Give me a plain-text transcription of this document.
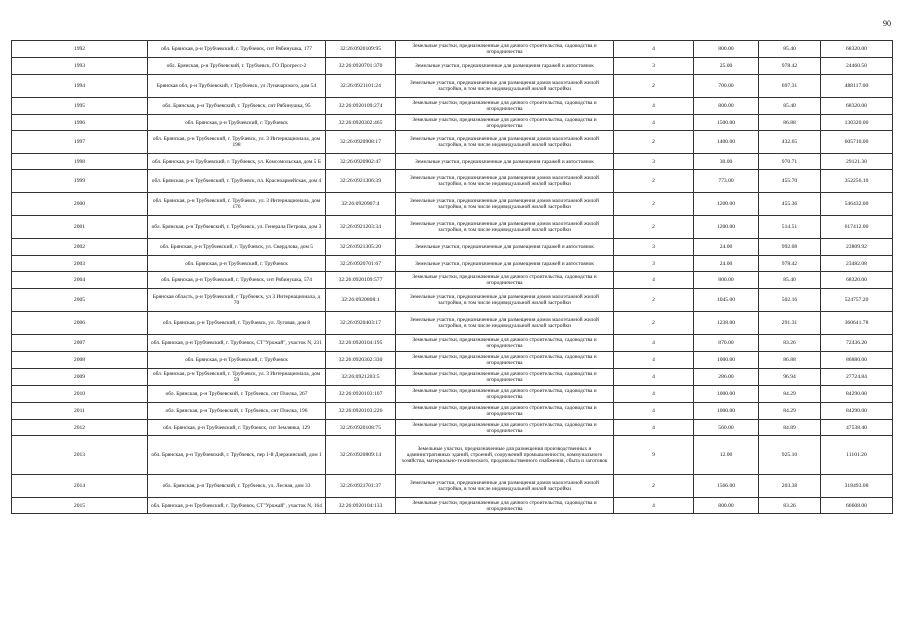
90
1992	обл. Брянская, р-н Трубчевский, г. Трубчевск, снт Рябинушка, 177	32:26:0920109:95	Земельные участки, предназначенные для дачного строительства, садоводства и огородничества	4	800.00	85.40	68320.00
1993	обл. Брянская, р-н Трубчевский, г. Трубчевск, ГО Прогресс-2	32:26:0920701:370	Земельные участки, предназначенные для размещения гаражей и автостоянок	3	25.00	978.42	24460.50
1994	Брянская обл, р-н Трубчевский, г Трубчевск, ул Луначарского, дом 54	32:26:0921101:24	Земельные участки, предназначенные для размещения домов малоэтажной жилой застройки, в том числе индивидуальной жилой застройки	2	700.00	697.31	488117.00
1995	обл. Брянская, р-н Трубчевский, г. Трубчевск, снт Рябинушка, 95	32:26:0920109:274	Земельные участки, предназначенные для дачного строительства, садоводства и огородничества	4	800.00	85.40	68320.00
1996	обл. Брянская, р-н Трубчевский, г. Трубчевск	32:26:0920302:465	Земельные участки, предназначенные для дачного строительства, садоводства и огородничества	4	1500.00	86.88	130320.00
1997	обл. Брянская, р-н Трубчевский, г. Трубчевск, ул. 3 Интернационала, дом 198	32:26:0920908:17	Земельные участки, предназначенные для размещения домов малоэтажной жилой застройки, в том числе индивидуальной жилой застройки	2	1400.00	432.65	605710.00
1998	обл. Брянская, р-н Трубчевский, г. Трубчевск, ул. Комсомольская, дом 5 Б	32:26:0920902:47	Земельные участки, предназначенные для размещения гаражей и автостоянок	3	30.00	970.71	29121.30
1999	обл. Брянская, р-н Трубчевский, г. Трубчевск, пл. Красноармейская, дом 4	32:26:0921306:39	Земельные участки, предназначенные для размещения домов малоэтажной жилой застройки, в том числе индивидуальной жилой застройки	2	773.00	455.70	352256.10
2000	обл. Брянская, р-н Трубчевский, г. Трубчевск, ул. 3 Интернационала, дом 176	32:26:0920907:4	Земельные участки, предназначенные для размещения домов малоэтажной жилой застройки, в том числе индивидуальной жилой застройки	2	1200.00	455.36	546432.00
2001	обл. Брянская, р-н Трубчевский, г. Трубчевск, ул. Генерала Петрова, дом 3	32:26:0921203:34	Земельные участки, предназначенные для размещения домов малоэтажной жилой застройки, в том числе индивидуальной жилой застройки	2	1200.00	514.51	617412.00
2002	обл. Брянская, р-н Трубчевский, г. Трубчевск, ул. Свердлова, дом 5	32:26:0921305:20	Земельные участки, предназначенные для размещения гаражей и автостоянок	3	24.00	992.08	23809.92
2003	обл. Брянская, р-н Трубчевский, г. Трубчевск	32:26:0920701:67	Земельные участки, предназначенные для размещения гаражей и автостоянок	3	24.00	978.42	23482.08
2004	обл. Брянская, р-н Трубчевский, г. Трубчевск, снт Рябинушка, 574	32:26:0920109:577	Земельные участки, предназначенные для дачного строительства, садоводства и огородничества	4	800.00	85.40	68320.00
2005	Брянская область, р-н Трубчевский, г Трубчевск, ул 3 Интернационала, д 70	32:26:0920808:1	Земельные участки, предназначенные для размещения домов малоэтажной жилой застройки, в том числе индивидуальной жилой застройки	2	1045.00	502.16	524757.20
2006	обл. Брянская, р-н Трубчевский, г. Трубчевск, ул. Луговая, дом 8	32:26:0920403:17	Земельные участки, предназначенные для размещения домов малоэтажной жилой застройки, в том числе индивидуальной жилой застройки	2	1238.00	291.31	360641.78
2007	обл. Брянская, р-н Трубчевский, г. Трубчевск, СТ"Урожай", участок N, 231	32:26:0920104:195	Земельные участки, предназначенные для дачного строительства, садоводства и огородничества	4	870.00	83.26	72436.20
2008	обл. Брянская, р-н Трубчевский, г. Трубчевск	32:26:0920302:330	Земельные участки, предназначенные для дачного строительства, садоводства и огородничества	4	1000.00	86.88	86880.00
2009	обл. Брянская, р-н Трубчевский, г. Трубчевск, ул. 3 Интернационала, дом 59	32:26:0921203:5	Земельные участки, предназначенные для дачного строительства, садоводства и огородничества	4	286.00	96.94	27724.84
2010	обл. Брянская, р-н Трубчевский, г. Трубчевск, снт Пчелка, 267	32:26:0920103:107	Земельные участки, предназначенные для дачного строительства, садоводства и огородничества	4	1000.00	84.29	84290.00
2011	обл. Брянская, р-н Трубчевский, г. Трубчевск, снт Пчелка, 196	32:26:0920103:226	Земельные участки, предназначенные для дачного строительства, садоводства и огородничества	4	1000.00	84.29	84290.00
2012	обл. Брянская, р-н Трубчевский, г. Трубчевск, снт Землянка, 129	32:26:0920108:75	Земельные участки, предназначенные для дачного строительства, садоводства и огородничества	4	560.00	84.89	47538.40
2013	обл. Брянская, р-н Трубчевский, г. Трубчевск, пер 1-й Дзержинский, дом 1	32:26:0920809:14	Земельные участки, предназначенные для размещения производственных и административных зданий, строений, сооружений промышленности, коммунального хозяйства, материально-технического, продовольственного снабжения, сбыта и заготовок	9	12.00	925.10	11101.20
2014	обл. Брянская, р-н Трубчевский, г. Трубчевск, ул. Лесная, дом 33	32:26:0921701:37	Земельные участки, предназначенные для размещения домов малоэтажной жилой застройки, в том числе индивидуальной жилой застройки	2	1566.00	203.38	318493.08
2015	обл. Брянская, р-н Трубчевский, г. Трубчевск, СТ"Урожай", участок N, 164	32:26:0920104:133	Земельные участки, предназначенные для дачного строительства, садоводства и огородничества	4	800.00	83.26	66608.00
